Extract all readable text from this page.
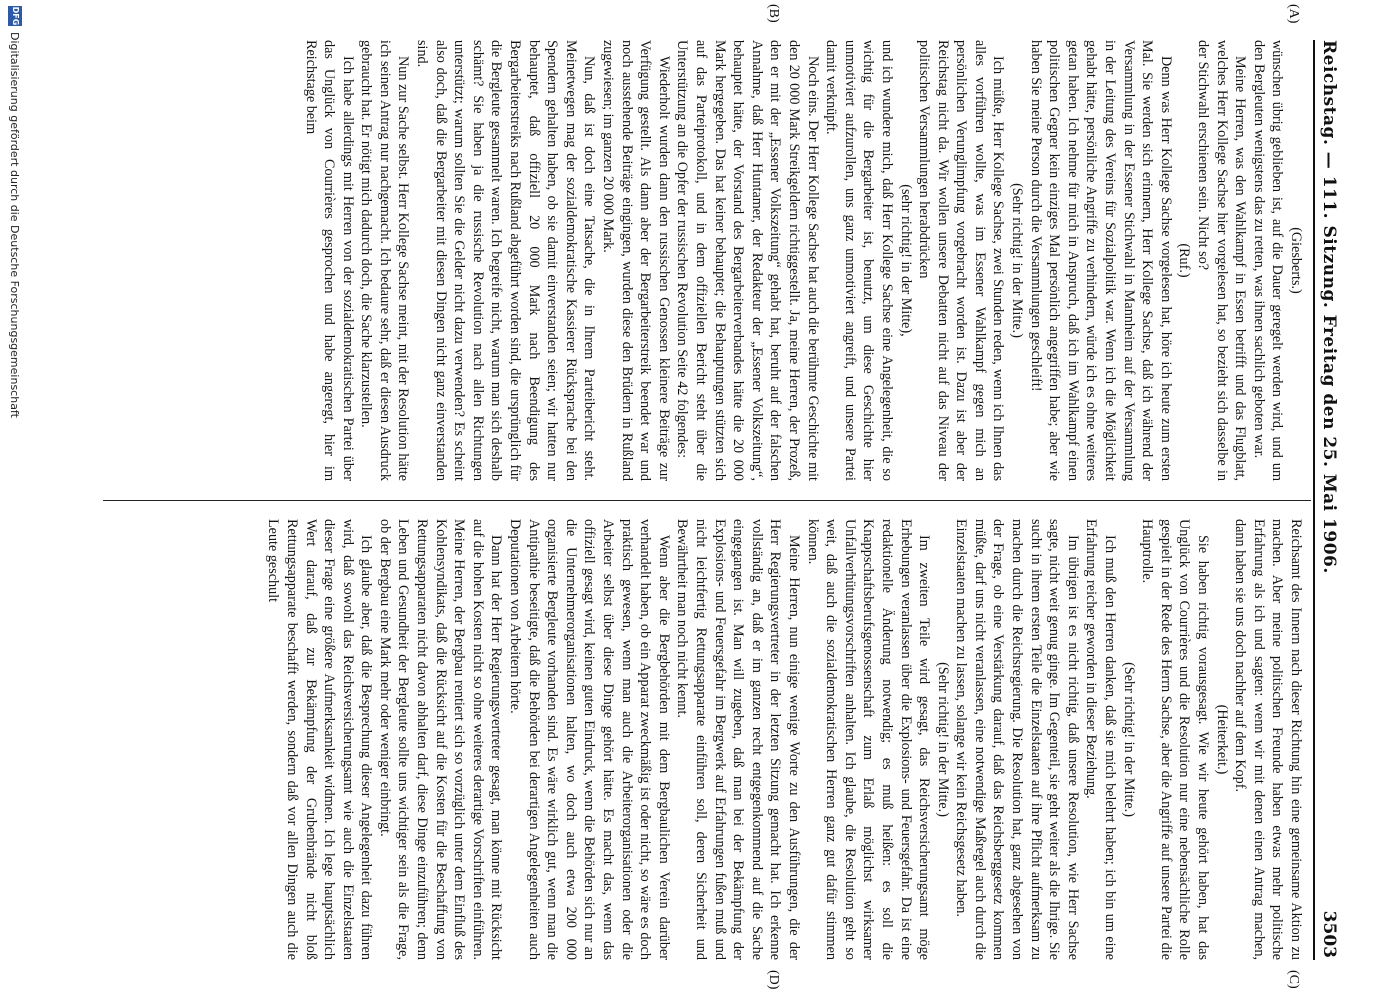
Reichstag. — 111. Sitzung. Freitag den 25. Mai 1906.
3503
(A)
(B)
(C)
(D)

(Giesberts.)

wünschen übrig geblieben ist, auf die Dauer geregelt werden wird, und um den Bergleuten wenigstens das zu retten, was ihnen sachlich geboten war.

Meine Herren, was den Wahlkampf in Essen betrifft und das Flugblatt, welches Herr Kollege Sachse hier vorgelesen hat, so bezieht sich dasselbe in der Stichwahl erschienen sein. Nicht so?

(Ruf.)

Denn was Herr Kollege Sachse vorgelesen hat, höre ich heute zum ersten Mal. Sie werden sich erinnern, Herr Kollege Sachse, daß ich während der Versammlung in der Essener Stichwahl in Mannheim auf der Versammlung in der Leitung des Vereins für Sozialpolitik war. Wenn ich die Möglichkeit gehabt hätte, persönliche Angriffe zu verhindern, würde ich es ohne weiteres getan haben. Ich nehme für mich in Anspruch, daß ich im Wahlkampf einen politischen Gegner kein einziges Mal persönlich angegriffen habe; aber wie haben Sie meine Person durch die Versammlungen geschleift!

(Sehr richtig! in der Mitte.)

Ich müßte, Herr Kollege Sachse, zwei Stunden reden, wenn ich Ihnen das alles vorführen wollte, was im Essener Wahlkampf gegen mich an persönlichen Verunglimpfung vorgebracht worden ist. Dazu ist aber der Reichstag nicht da. Wir wollen unsere Debatten nicht auf das Niveau der politischen Versammlungen herabdrücken

(sehr richtig! in der Mitte),

und ich wundere mich, daß Herr Kollege Sachse eine Angelegenheit, die so wichtig für die Bergarbeiter ist, benutzt, um diese Geschichte hier unmotiviert aufzurollen, uns ganz unmotiviert angreift, und unsere Partei damit verknüpft.

Noch eins. Der Herr Kollege Sachse hat auch die berühmte Geschichte mit den 20 000 Mark Streikgeldern richtiggestellt. Ja, meine Herren, der Prozeß, den er mit der „Essener Volkszeitung“ gehabt hat, beruht auf der falschen Annahme, daß Herr Huntamer, der Redakteur der „Essener Volkszeitung“, behauptet hätte, der Vorstand des Bergarbeiterverbandes hätte die 20 000 Mark hergegeben. Das hat keiner behauptet; die Behauptungen stützten sich auf das Parteiprotokoll, und in dem offiziellen Bericht steht über die Unterstützung an die Opfer der russischen Revolution Seite 42 folgendes:

Wiederholt wurden dann den russischen Genossen kleinere Beiträge zur Verfügung gestellt. Als dann aber der Bergarbeiterstreik beendet war und noch ausstehende Beiträge eingingen, wurden diese den Brüdern in Rußland zugewiesen; im ganzen 20 000 Mark.

Nun, daß ist doch eine Tatsache, die in Ihrem Parteibericht steht. Meinetwegen mag der sozialdemokratische Kassierer Rücksprache bei den Spendern gehalten haben, ob sie damit einverstanden seien; wir hatten nur behauptet, daß offiziell 20 000 Mark nach Beendigung des Bergarbeiterstreiks nach Rußland abgeführt worden sind, die ursprünglich für die Bergleute gesammelt waren. Ich begreife nicht, warum man sich deshalb schämt? Sie haben ja die russische Revolution nach allen Richtungen unterstützt; warum sollten Sie die Gelder nicht dazu verwenden? Es scheint also doch, daß die Bergarbeiter mit diesen Dingen nicht ganz einverstanden sind.

Nun zur Sache selbst. Herr Kollege Sachse meint, mit der Resolution hätte ich seinen Antrag nur nachgemacht. Ich bedaure sehr, daß er diesen Ausdruck gebraucht hat. Er nötigt mich dadurch doch, die Sache klarzustellen.

Ich habe allerdings mit Herren von der sozialdemokratischen Partei über das Unglück von Courrières gesprochen und habe angeregt, hier im Reichstage beim

Reichsamt des Innern nach dieser Richtung hin eine gemeinsame Aktion zu machen. Aber meine politischen Freunde haben etwas mehr politische Erfahrung als ich und sagten: wenn wir mit denen einen Antrag machen, dann haben sie uns doch nachher auf dem Kopf.

(Heiterkeit.)

Sie haben richtig vorausgesagt. Wie wir heute gehört haben, hat das Unglück von Courrières und die Resolution nur eine nebensächliche Rolle gespielt in der Rede des Herrn Sachse, aber die Angriffe auf unsere Partei die Hauptrolle.

(Sehr richtig! in der Mitte.)

Ich muß den Herren danken, daß sie mich belehrt haben; ich bin um eine Erfahrung reicher geworden in dieser Beziehung.

Im übrigen ist es nicht richtig, daß unsere Resolution, wie Herr Sachse sagte, nicht weit genug ginge. Im Gegenteil, sie geht weiter als die Ihrige. Sie sucht in ihrem ersten Teile die Einzelstaaten auf ihre Pflicht aufmerksam zu machen durch die Reichsregierung. Die Resolution hat, ganz abgesehen von der Frage, ob eine Verstärkung darauf, daß das Reichsberggesetz kommen müßte, darf uns nicht veranlassen, eine notwendige Maßregel auch durch die Einzelstaaten machen zu lassen, solange wir kein Reichsgesetz haben.

(Sehr richtig! in der Mitte.)

Im zweiten Teile wird gesagt, das Reichsversicherungsamt möge Erhebungen veranlassen über die Explosions- und Feuersgefahr. Da ist eine redaktionelle Änderung notwendig; es muß heißen: es soll die Knappschaftsberufsgenossenschaft zum Erlaß möglichst wirksamer Unfallverhütungsvorschriften anhalten. Ich glaube, die Resolution geht so weit, daß auch die sozialdemokratischen Herren ganz gut dafür stimmen können.

Meine Herren, nun einige wenige Worte zu den Ausführungen, die der Herr Regierungsvertreter in der letzten Sitzung gemacht hat. Ich erkenne vollständig an, daß er im ganzen recht entgegenkommend auf die Sache eingegangen ist. Man will zugeben, daß man bei der Bekämpfung der Explosions- und Feuersgefahr im Bergwerk auf Erfahrungen fußen muß und nicht leichtfertig Rettungsapparate einführen soll, deren Sicherheit und Bewährtheit man noch nicht kennt.

Wenn aber die Bergbehörden mit dem Bergbaulichen Verein darüber verhandelt haben, ob ein Apparat zweckmäßig ist oder nicht, so wäre es doch praktisch gewesen, wenn man auch die Arbeiterorganisationen oder die Arbeiter selbst über diese Dinge gehört hätte. Es macht das, wenn das offiziell gesagt wird, keinen guten Eindruck, wenn die Behörden sich nur an die Unternehmerorganisationen halten, wo doch auch etwa 200 000 organisierte Bergleute vorhanden sind. Es wäre wirklich gut, wenn man die Antipathie beseitigte, daß die Behörden bei derartigen Angelegenheiten auch Deputationen von Arbeitern hörte.

Dann hat der Herr Regierungsvertreter gesagt, man könne mit Rücksicht auf die hohen Kosten nicht so ohne weiteres derartige Vorschriften einführen. Meine Herren, der Bergbau rentiert sich so vorzüglich unter dem Einfluß des Kohlensyndikats, daß die Rücksicht auf die Kosten für die Beschaffung von Rettungsapparaten nicht davon abhalten darf, diese Dinge einzuführen; denn Leben und Gesundheit der Bergleute sollte uns wichtiger sein als die Frage, ob der Bergbau eine Mark mehr oder weniger einbringt.

Ich glaube aber, daß die Besprechung dieser Angelegenheit dazu führen wird, daß sowohl das Reichsversicherungsamt wie auch die Einzelstaaten dieser Frage eine größere Aufmerksamkeit widmen. Ich lege hauptsächlich Wert darauf, daß zur Bekämpfung der Grubenbrände nicht bloß Rettungsapparate beschafft werden, sondern daß vor allen Dingen auch die Leute geschult

DFG
Digitalisierung gefördert durch die Deutsche Forschungsgemeinschaft
